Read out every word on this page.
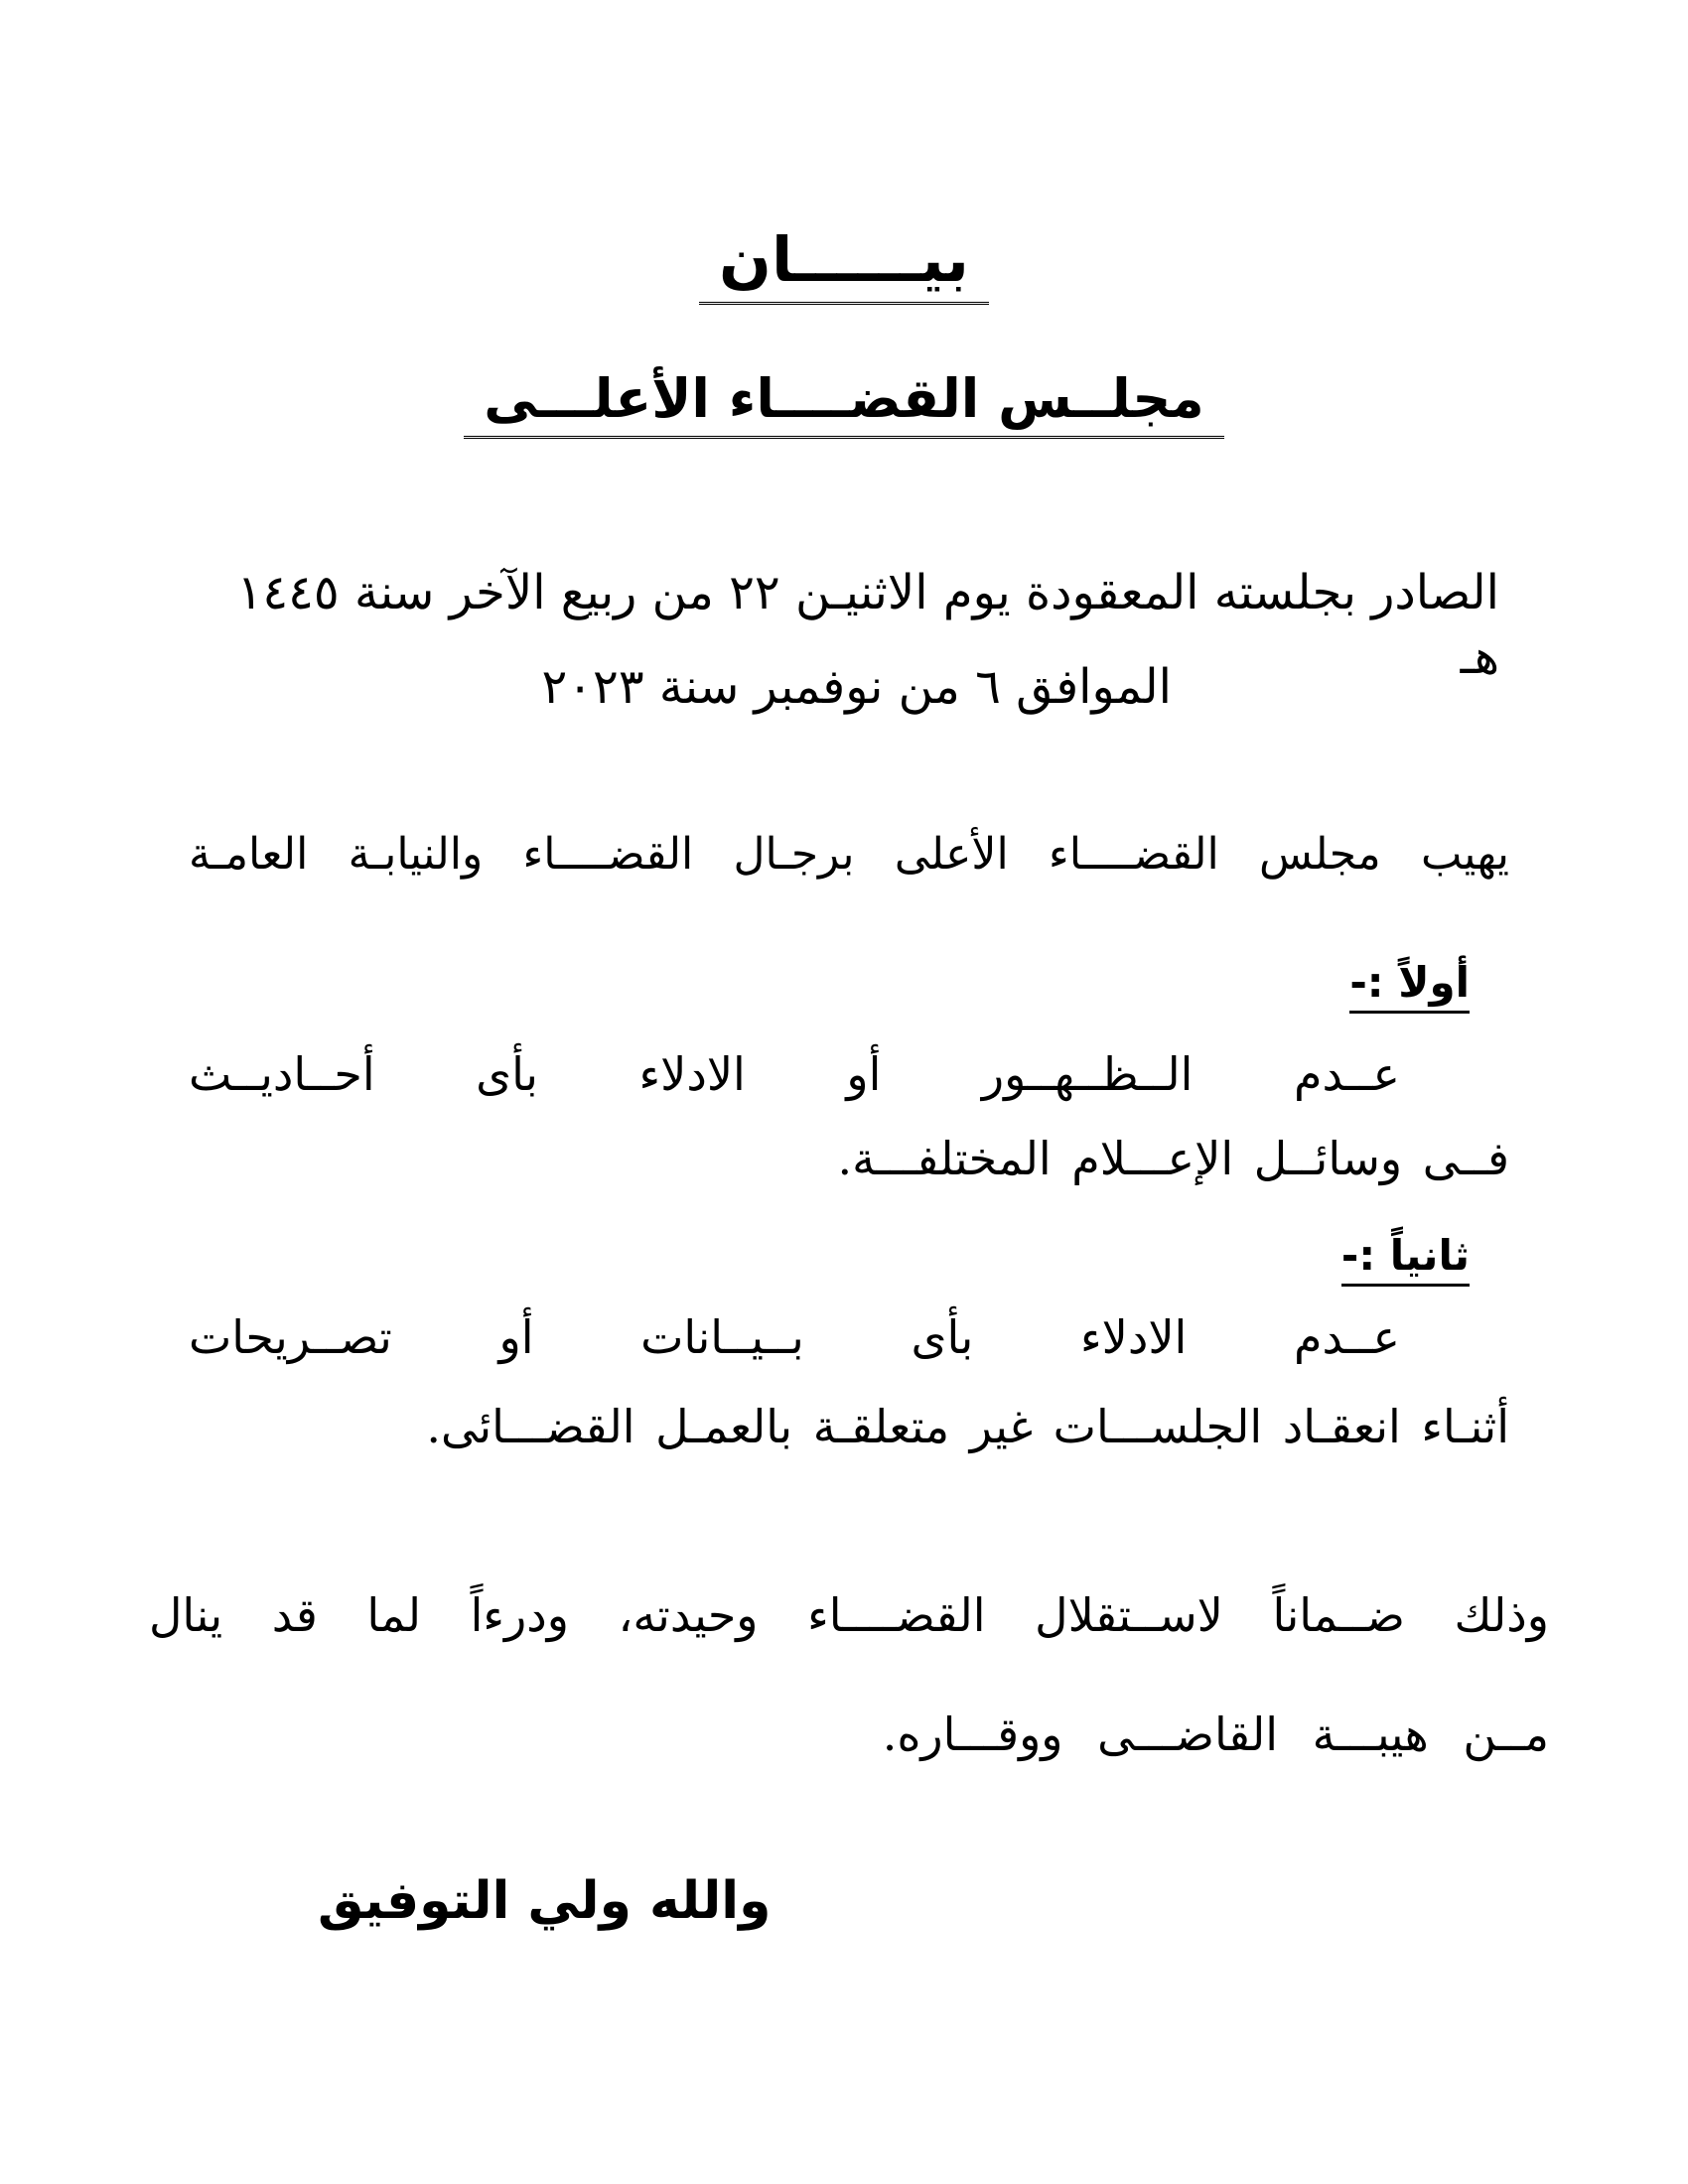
بيــــــان
مجلــس القضــــاء الأعلـــى
الصادر بجلسته المعقودة يوم الاثنيـن ٢٢ من ربيع الآخر سنة ١٤٤٥ هـ
الموافق ٦ من نوفمبر سنة ٢٠٢٣
يهيب مجلس القضــــاء الأعلى برجـال القضــــاء والنيابـة العامـة
أولاً :-
عــدم الــظــهــور أو الادلاء بأى أحــاديــث
فــى وسائــل الإعـــلام المختلفـــة.
ثانياً :-
عــدم الادلاء بأى بــيــانات أو تصــريحات
أثنـاء انعقـاد الجلســـات غير متعلقـة بالعمـل القضـــائى.
وذلك ضــماناً لاســتقلال القضــــاء وحيدته، ودرءاً لما قد ينال
مــن هيبـــة القاضـــى ووقـــاره.
والله ولي التوفيق
